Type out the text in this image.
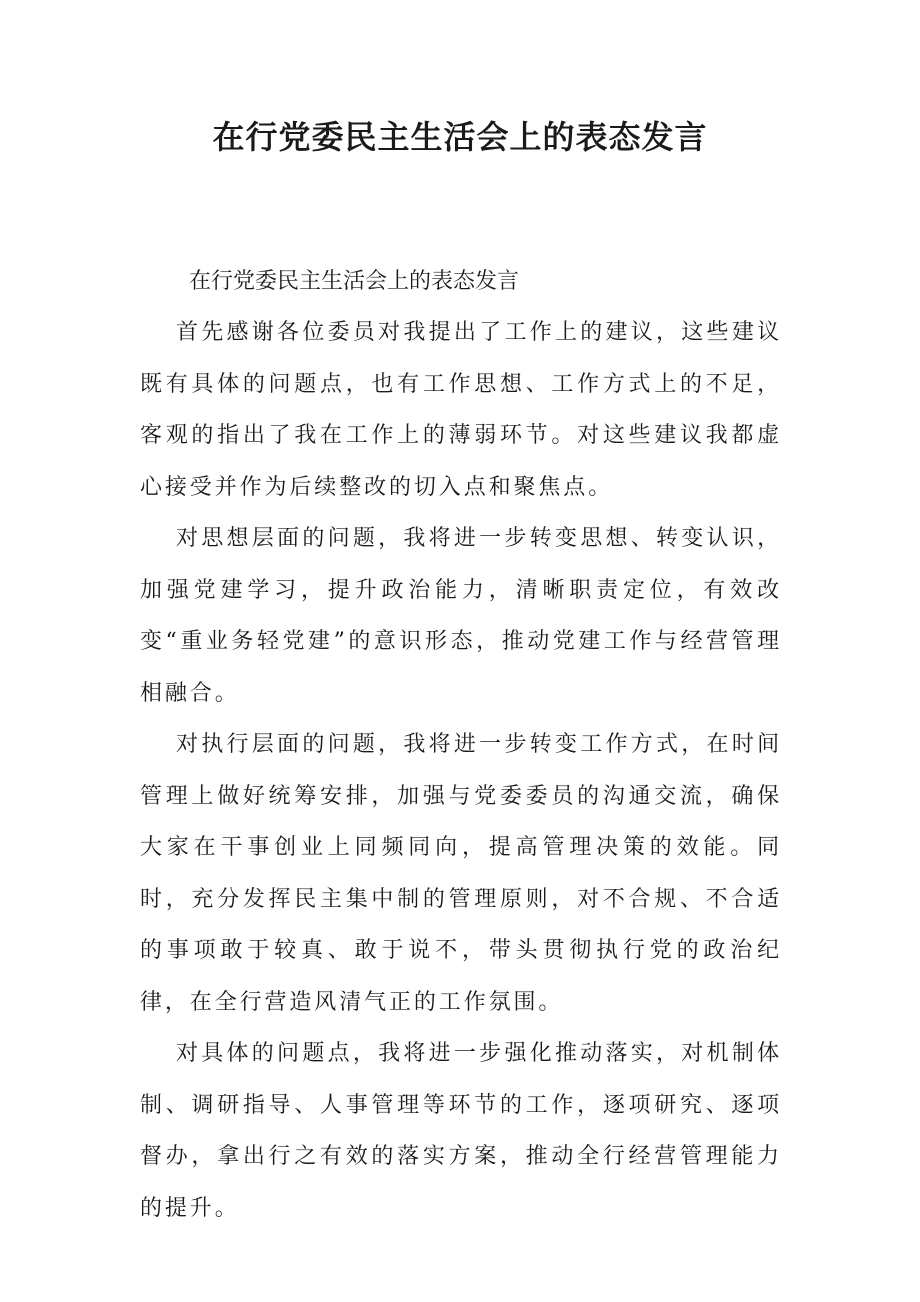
在行党委民主生活会上的表态发言

在行党委民主生活会上的表态发言

首先感谢各位委员对我提出了工作上的建议，这些建议既有具体的问题点，也有工作思想、工作方式上的不足，客观的指出了我在工作上的薄弱环节。对这些建议我都虚心接受并作为后续整改的切入点和聚焦点。

对思想层面的问题，我将进一步转变思想、转变认识，加强党建学习，提升政治能力，清晰职责定位，有效改变“重业务轻党建”的意识形态，推动党建工作与经营管理相融合。

对执行层面的问题，我将进一步转变工作方式，在时间管理上做好统筹安排，加强与党委委员的沟通交流，确保大家在干事创业上同频同向，提高管理决策的效能。同时，充分发挥民主集中制的管理原则，对不合规、不合适的事项敢于较真、敢于说不，带头贯彻执行党的政治纪律，在全行营造风清气正的工作氛围。

对具体的问题点，我将进一步强化推动落实，对机制体制、调研指导、人事管理等环节的工作，逐项研究、逐项督办，拿出行之有效的落实方案，推动全行经营管理能力的提升。
